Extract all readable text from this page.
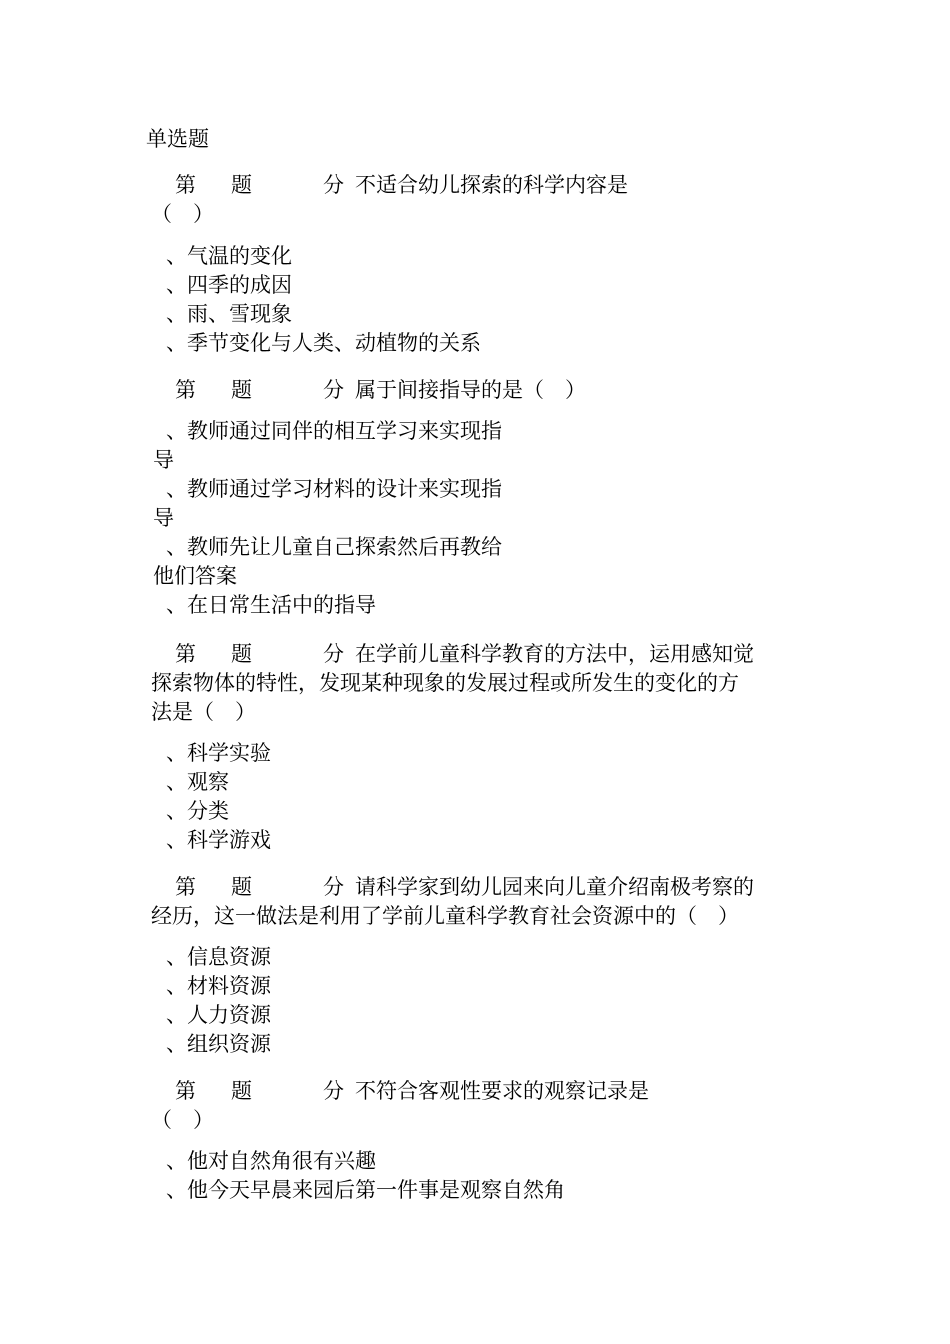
单选题
第 题	分 不适合幼儿探索的科学内容是
（　）
、气温的变化
、四季的成因
、雨、雪现象
、季节变化与人类、动植物的关系
第 题	分 属于间接指导的是（　）
、教师通过同伴的相互学习来实现指
导
、教师通过学习材料的设计来实现指
导
、教师先让儿童自己探索然后再教给
他们答案
、在日常生活中的指导
第 题	分 在学前儿童科学教育的方法中，运用感知觉
探索物体的特性，发现某种现象的发展过程或所发生的变化的方
法是（　）
、科学实验
、观察
、分类
、科学游戏
第 题	分 请科学家到幼儿园来向儿童介绍南极考察的
经历，这一做法是利用了学前儿童科学教育社会资源中的（　）
、信息资源
、材料资源
、人力资源
、组织资源
第 题	分 不符合客观性要求的观察记录是
（　）
、他对自然角很有兴趣
、他今天早晨来园后第一件事是观察自然角
